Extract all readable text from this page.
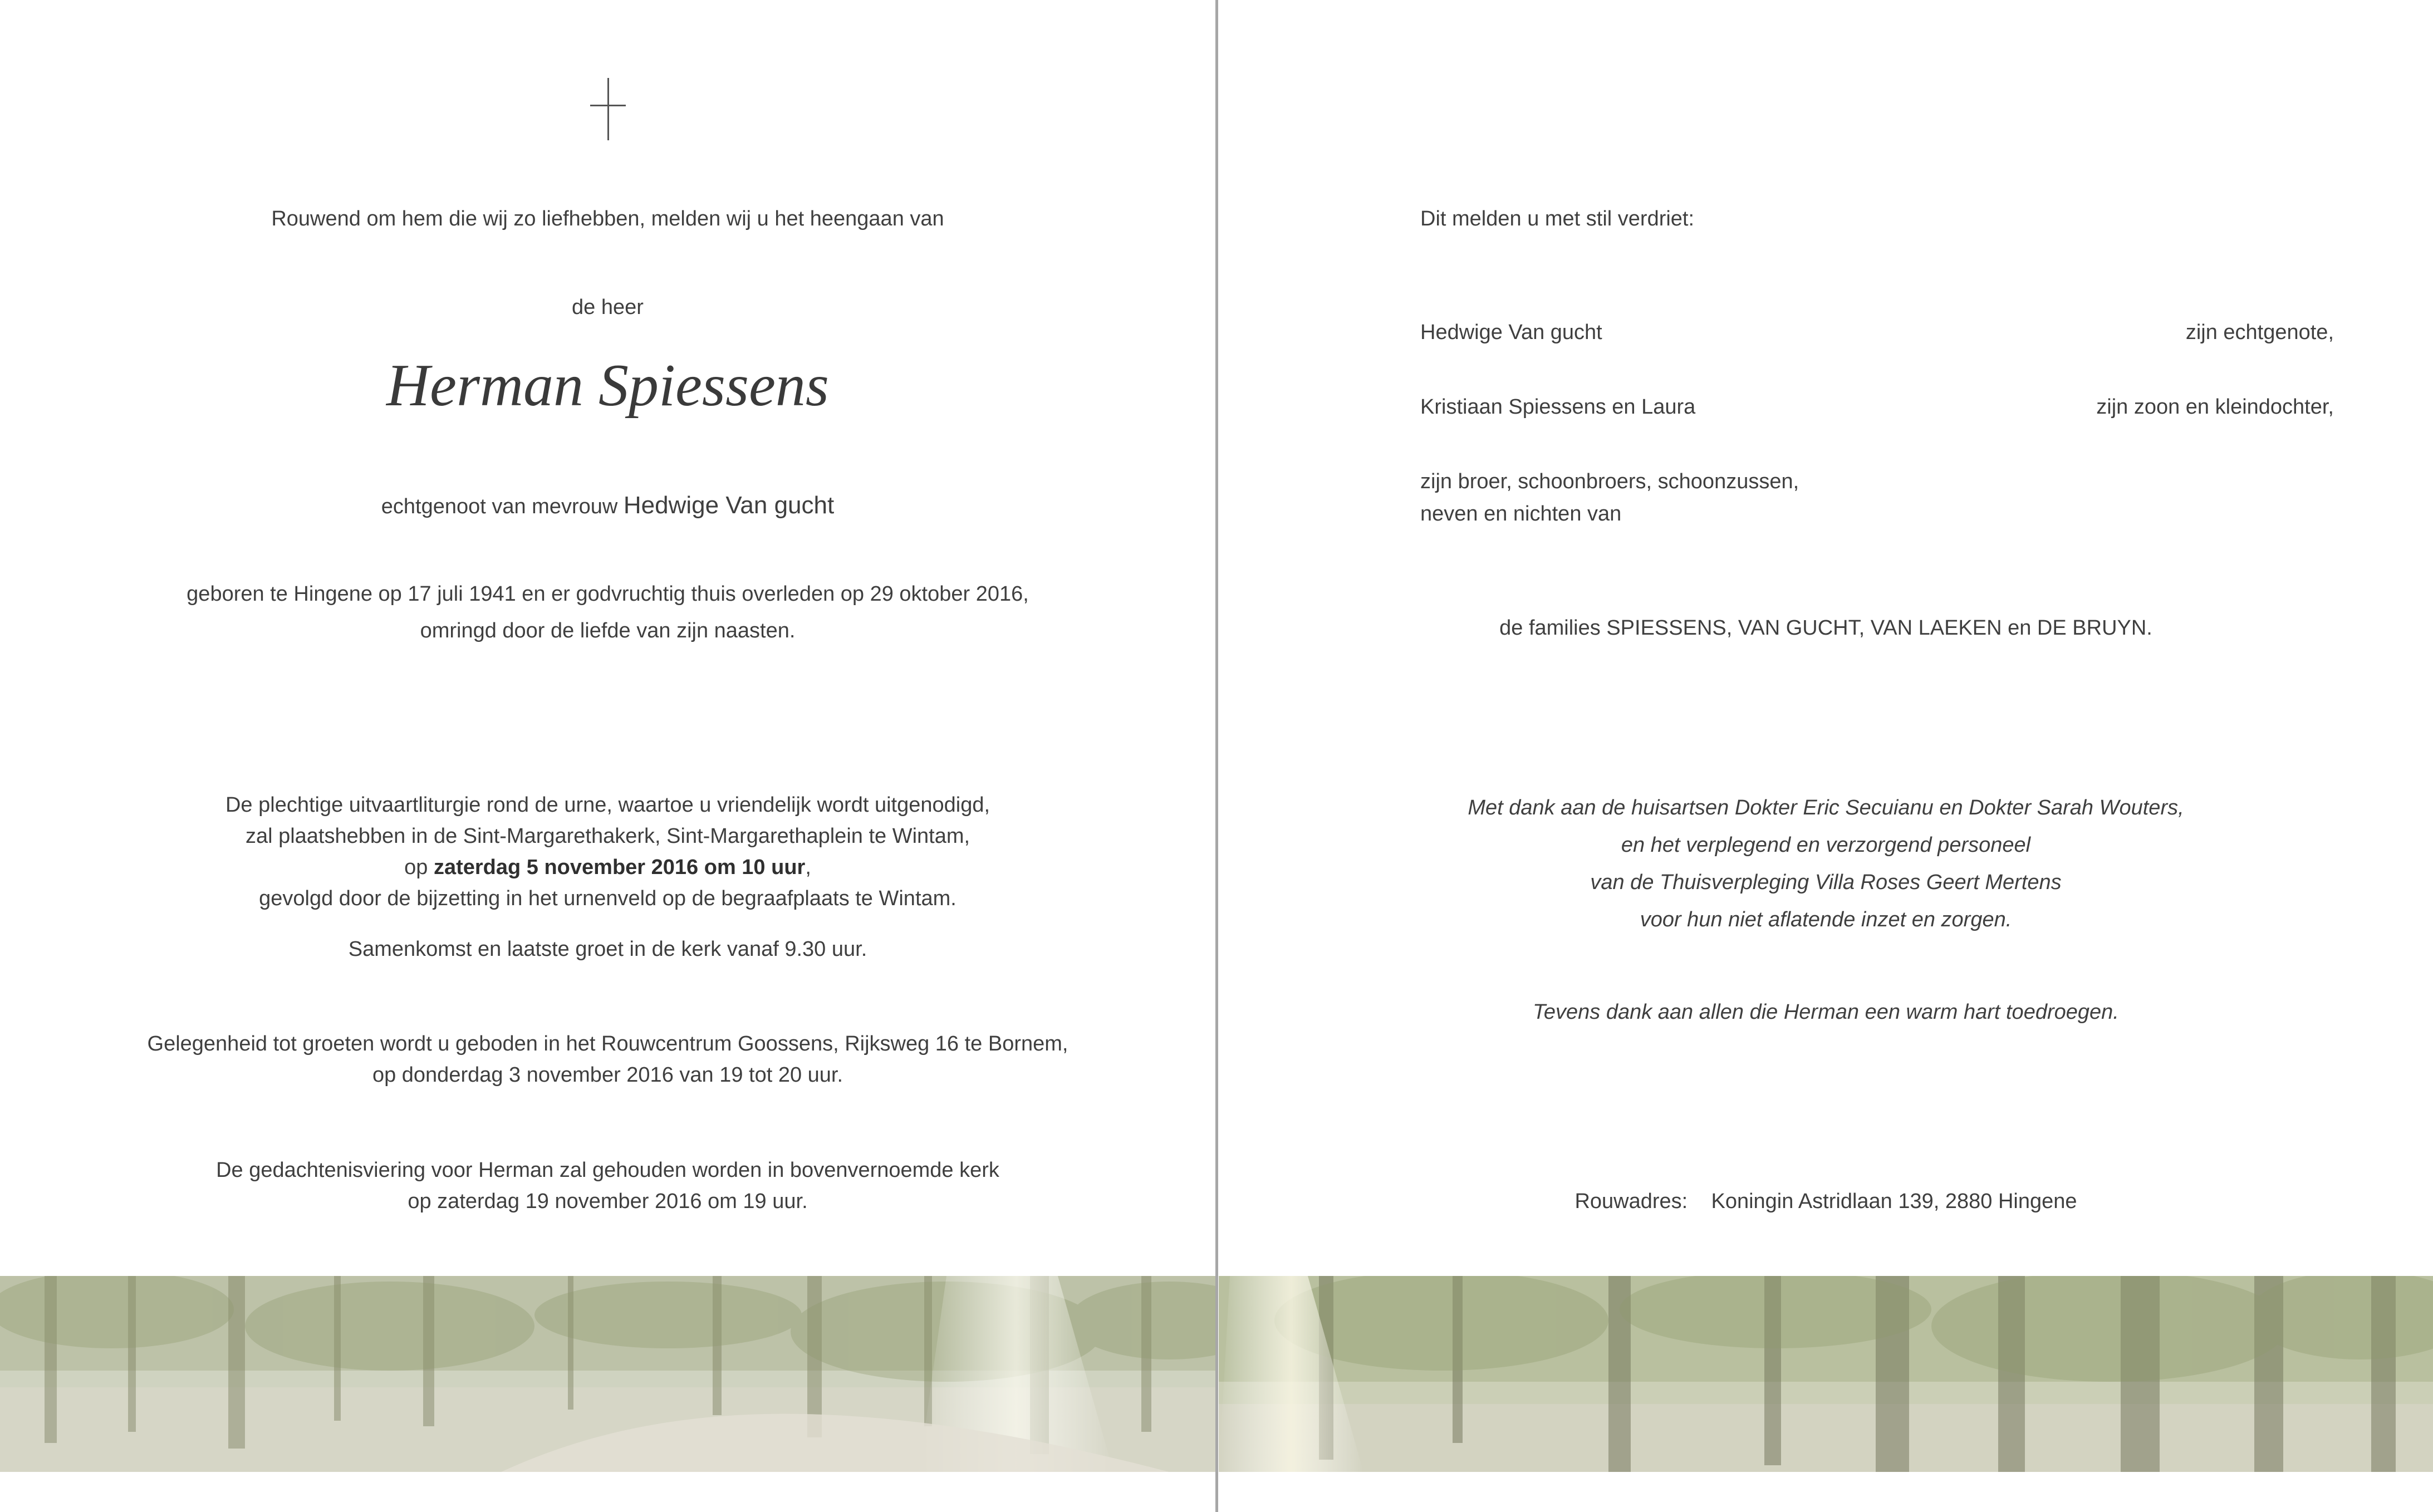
Rouwend om hem die wij zo liefhebben, melden wij u het heengaan van
de heer
Herman Spiessens
echtgenoot van mevrouw Hedwige Van gucht
geboren te Hingene op 17 juli 1941 en er godvruchtig thuis overleden op 29 oktober 2016,
omringd door de liefde van zijn naasten.
De plechtige uitvaartliturgie rond de urne, waartoe u vriendelijk wordt uitgenodigd,
zal plaatshebben in de Sint-Margarethakerk, Sint-Margarethaplein te Wintam,
op zaterdag 5 november 2016 om 10 uur,
gevolgd door de bijzetting in het urnenveld op de begraafplaats te Wintam.
Samenkomst en laatste groet in de kerk vanaf 9.30 uur.
Gelegenheid tot groeten wordt u geboden in het Rouwcentrum Goossens, Rijksweg 16 te Bornem,
op donderdag 3 november 2016 van 19 tot 20 uur.
De gedachtenisviering voor Herman zal gehouden worden in bovenvernoemde kerk
op zaterdag 19 november 2016 om 19 uur.
Dit melden u met stil verdriet:
Hedwige Van gucht	zijn echtgenote,
Kristiaan Spiessens en Laura	zijn zoon en kleindochter,
zijn broer, schoonbroers, schoonzussen,
neven en nichten van
de families SPIESSENS, VAN GUCHT, VAN LAEKEN en DE BRUYN.
Met dank aan de huisartsen Dokter Eric Secuianu en Dokter Sarah Wouters,
en het verplegend en verzorgend personeel
van de Thuisverpleging Villa Roses Geert Mertens
voor hun niet aflatende inzet en zorgen.
Tevens dank aan allen die Herman een warm hart toedroegen.
Rouwadres: Koningin Astridlaan 139, 2880 Hingene
